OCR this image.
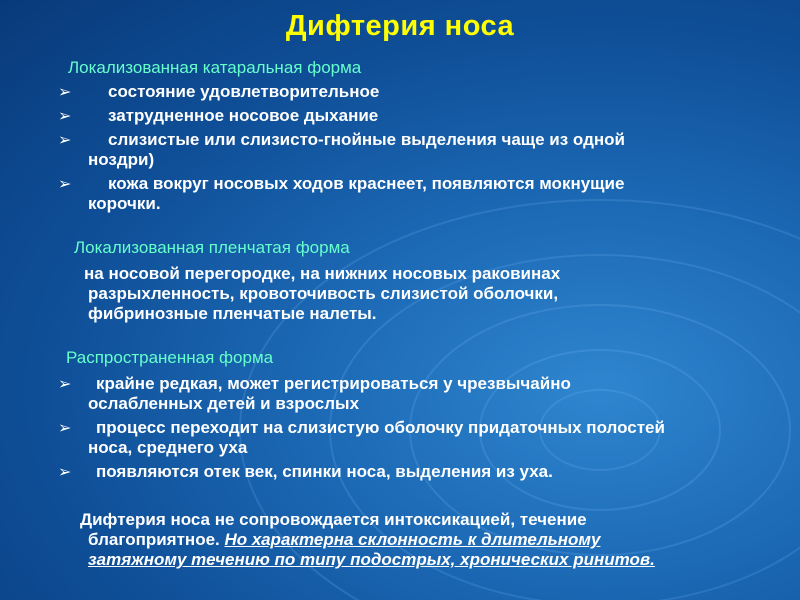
Дифтерия носа
Локализованная катаральная форма
➢ состояние удовлетворительное
➢ затрудненное носовое дыхание
➢ слизистые или слизисто-гнойные выделения чаще из одной
ноздри)
➢ кожа вокруг носовых ходов краснеет, появляются мокнущие
корочки.
Локализованная пленчатая форма
на носовой перегородке, на нижних носовых раковинах
разрыхленность, кровоточивость слизистой оболочки,
фибринозные пленчатые налеты.
Распространенная форма
➢ крайне редкая, может регистрироваться у чрезвычайно
ослабленных детей и взрослых
➢ процесс переходит на слизистую оболочку придаточных полостей
носа, среднего уха
➢ появляются отек век, спинки носа, выделения из уха.
Дифтерия носа не сопровождается интоксикацией, течение
благоприятное. Но характерна склонность к длительному
затяжному течению по типу подострых, хронических ринитов.
